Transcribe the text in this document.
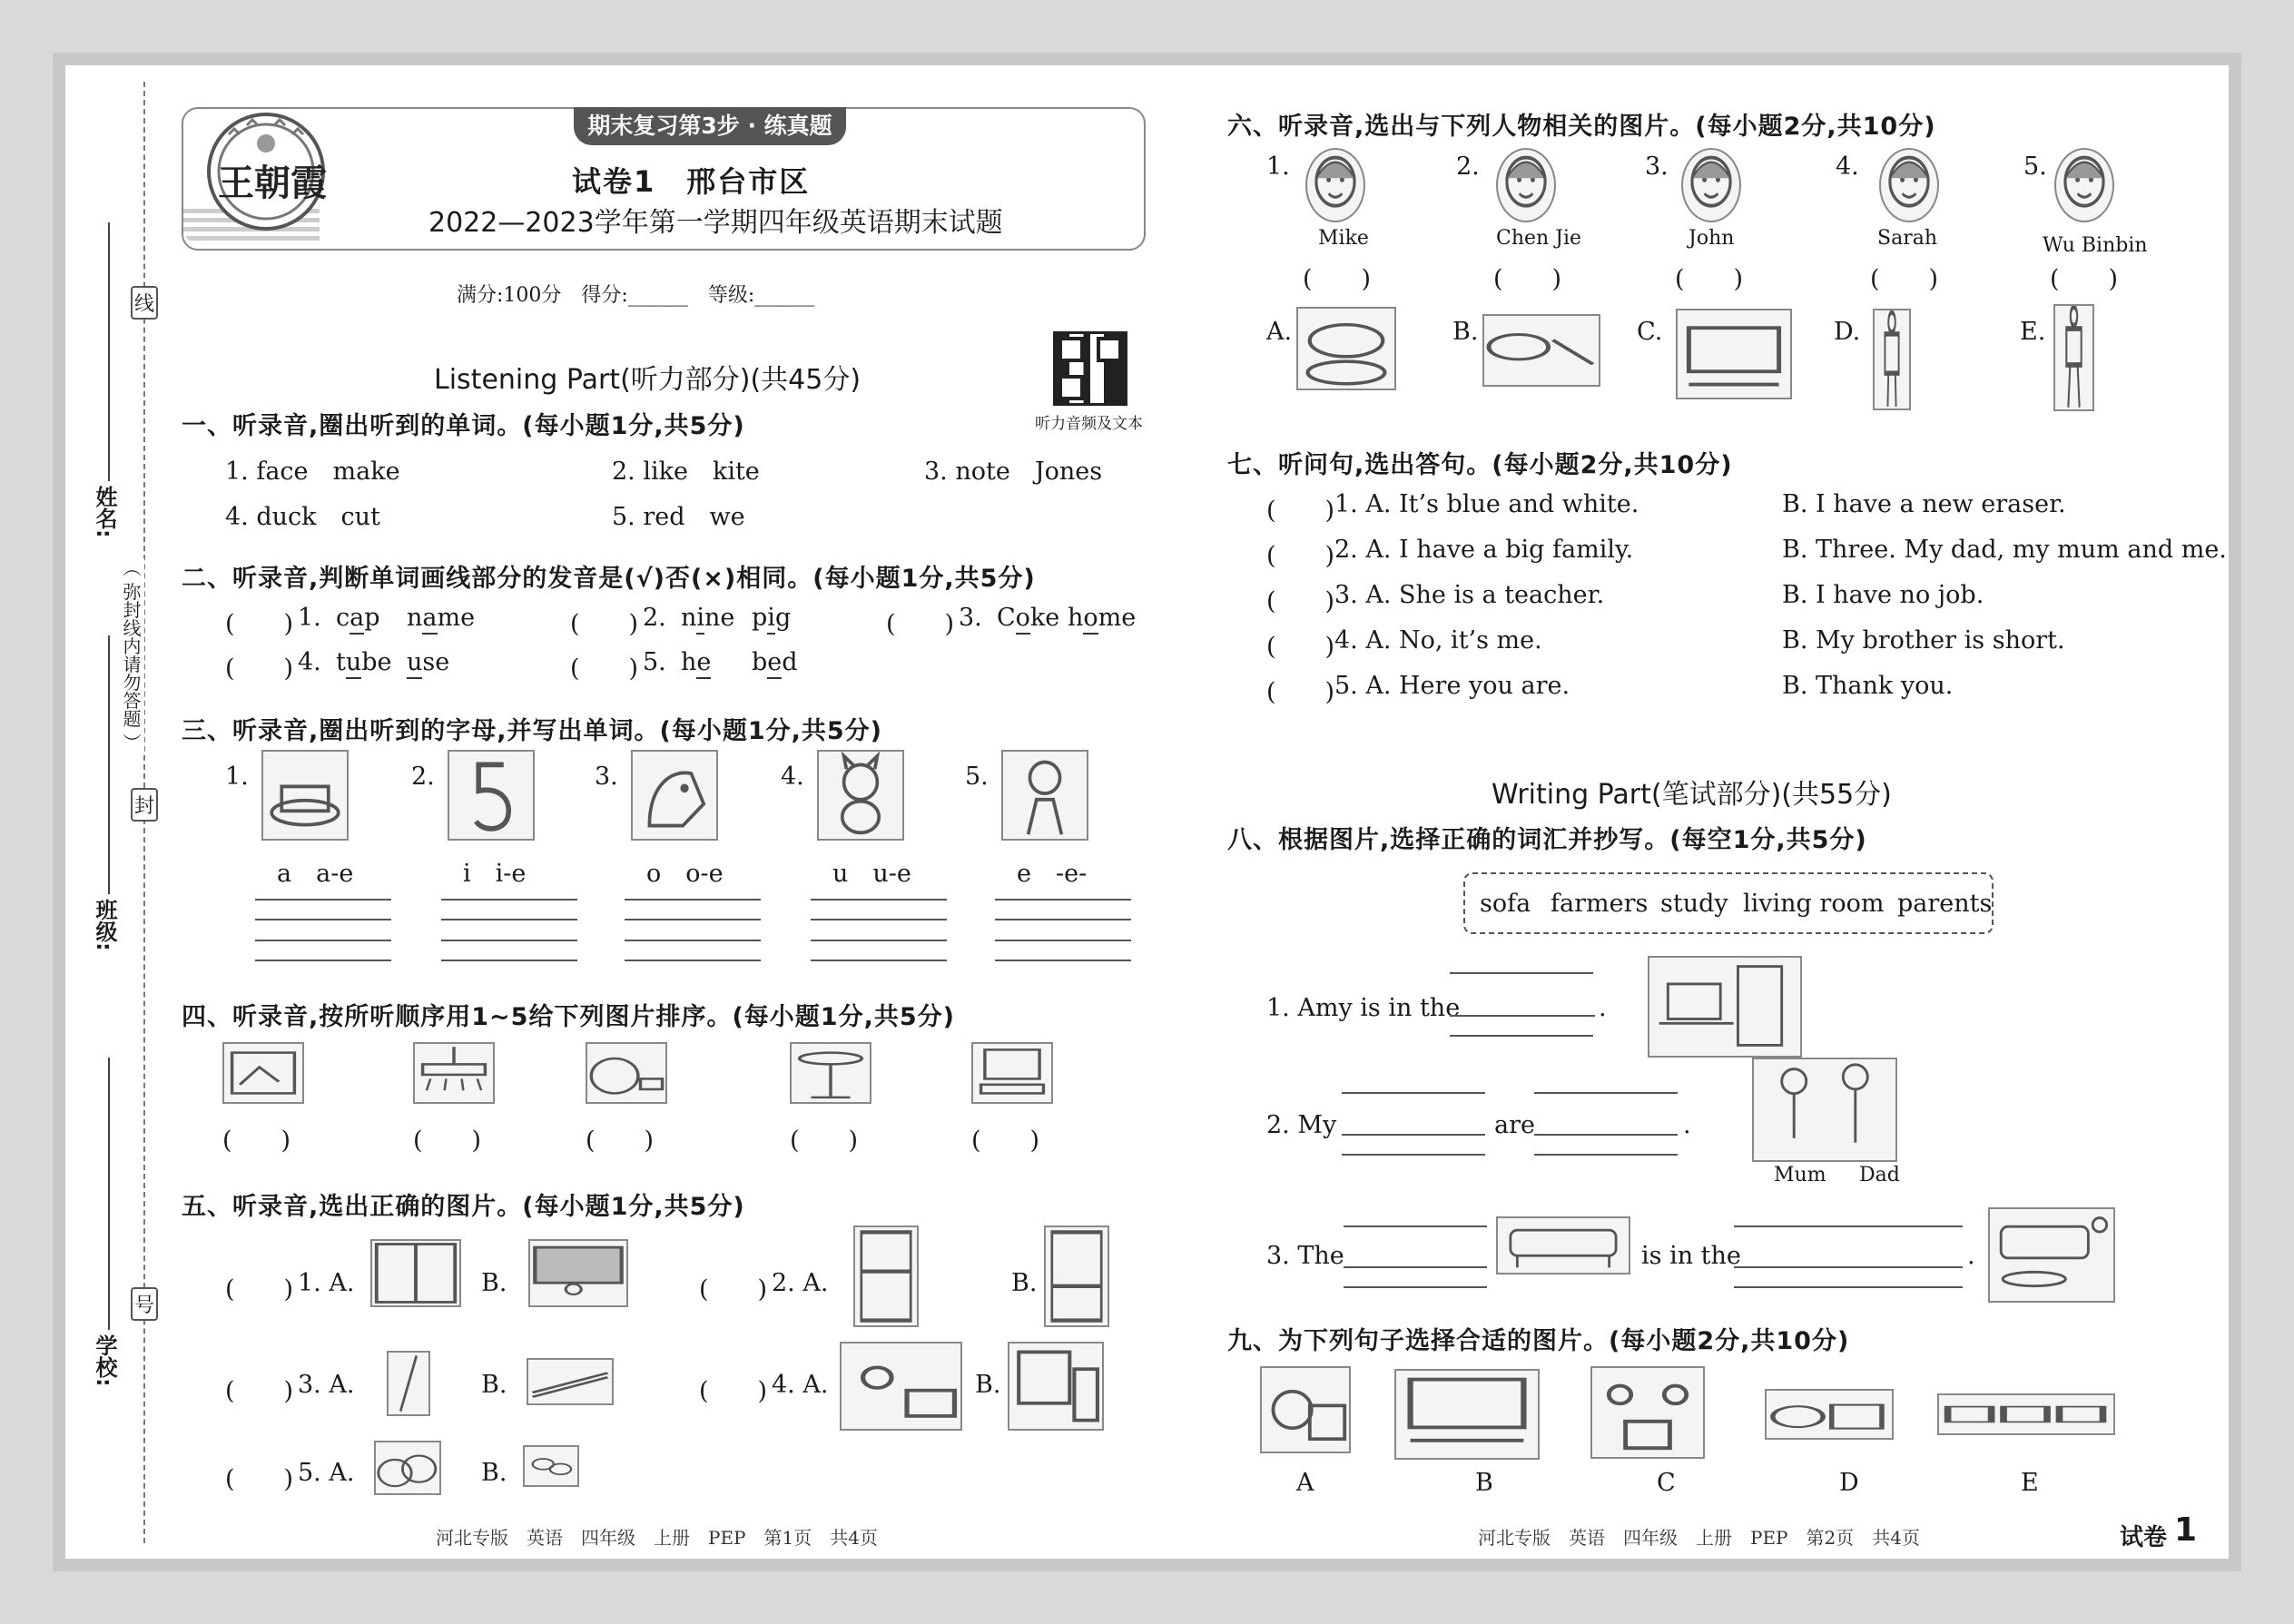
线
封
号
姓名:
班级:
学校:
（ 弥封线内请勿答题 ）
王朝霞
期末复习第3步 · 练真题
试卷1　邢台市区
2022—2023学年第一学期四年级英语期末试题
满分:100分　得分:______　等级:______
听力音频及文本
Listening Part(听力部分)(共45分)
一、听录音,圈出听到的单词。(每小题1分,共5分)
1. face　make	2. like　kite	3. note　Jones
4. duck　cut	5. red　we
二、听录音,判断单词画线部分的发音是(√)否(×)相同。(每小题1分,共5分)
(　　) 1. cap name	(　　) 2. nine pig	(　　) 3. Coke home
(　　) 4. tube use	(　　) 5. he bed
三、听录音,圈出听到的字母,并写出单词。(每小题1分,共5分)
1.
a　a-e
2.
i　i-e
3.
o　o-e
4.
u　u-e
5.
e　-e-
四、听录音,按所听顺序用1~5给下列图片排序。(每小题1分,共5分)
(　　)	(　　)	(　　)	(　　)	(　　)
五、听录音,选出正确的图片。(每小题1分,共5分)
(　　) 1. A.	B.	(　　) 2. A.	B.
(　　) 3. A.	B.	(　　) 4. A.	B.
(　　) 5. A.	B.
六、听录音,选出与下列人物相关的图片。(每小题2分,共10分)
1.
Mike
(　　)
A.
2.
Chen Jie
(　　)
B.
3.
John
(　　)
C.
4.
Sarah
(　　)
D.
5.
Wu Binbin
(　　)
E.
七、听问句,选出答句。(每小题2分,共10分)
(　　) 1. A. It’s blue and white.	B. I have a new eraser.
(　　) 2. A. I have a big family.	B. Three. My dad, my mum and me.
(　　) 3. A. She is a teacher.	B. I have no job.
(　　) 4. A. No, it’s me.	B. My brother is short.
(　　) 5. A. Here you are.	B. Thank you.
Writing Part(笔试部分)(共55分)
八、根据图片,选择正确的词汇并抄写。(每空1分,共5分)
sofa farmers study living room parents
1. Amy is in the	.
2. My	are	.
Mum Dad
3. The	is in the	.
九、为下列句子选择合适的图片。(每小题2分,共10分)
A	B	C	D	E
河北专版　英语　四年级　上册　PEP　第1页　共4页	河北专版　英语　四年级　上册　PEP　第2页　共4页	试卷 1
